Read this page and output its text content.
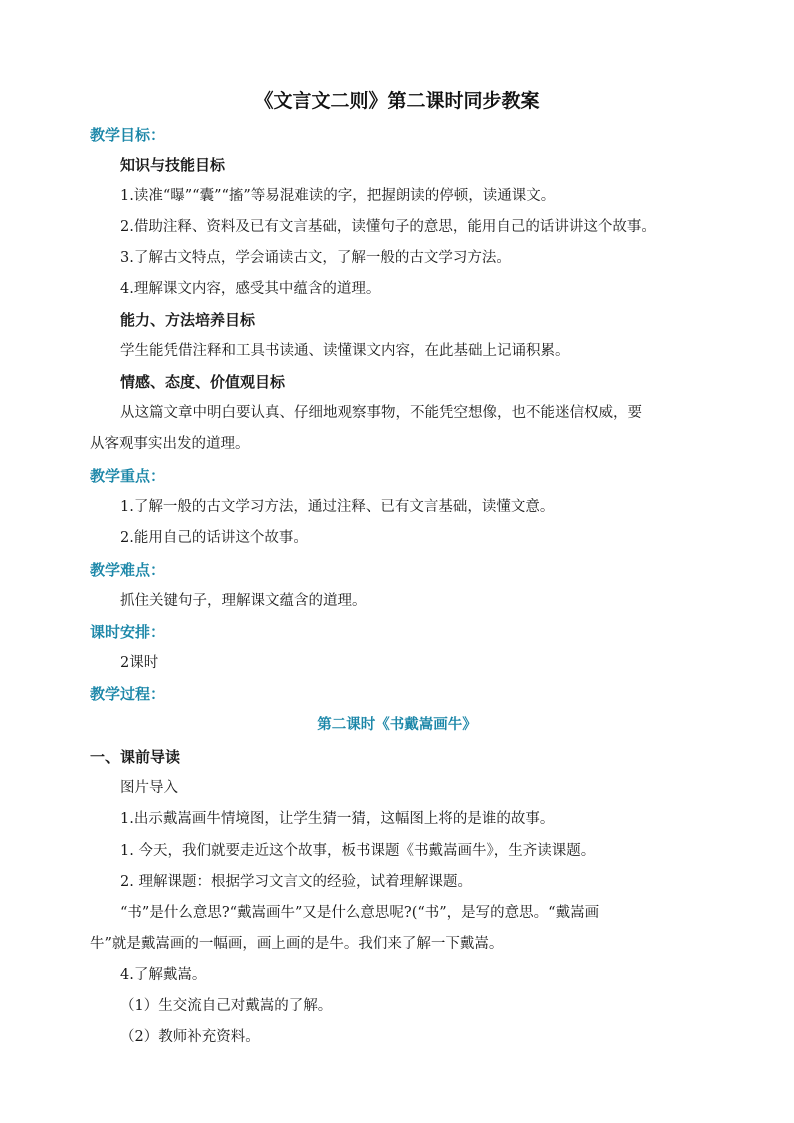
《文言文二则》第二课时同步教案
教学目标：
知识与技能目标
1.读准“曝”“囊”“搐”等易混难读的字，把握朗读的停顿，读通课文。
2.借助注释、资料及已有文言基础，读懂句子的意思，能用自己的话讲讲这个故事。
3.了解古文特点，学会诵读古文，了解一般的古文学习方法。
4.理解课文内容，感受其中蕴含的道理。
能力、方法培养目标
学生能凭借注释和工具书读通、读懂课文内容，在此基础上记诵积累。
情感、态度、价值观目标
从这篇文章中明白要认真、仔细地观察事物，不能凭空想像，也不能迷信权威，要
从客观事实出发的道理。
教学重点：
1.了解一般的古文学习方法，通过注释、已有文言基础，读懂文意。
2.能用自己的话讲这个故事。
教学难点：
抓住关键句子，理解课文蕴含的道理。
课时安排：
2课时
教学过程：
第二课时《书戴嵩画牛》
一、课前导读
图片导入
1.出示戴嵩画牛情境图，让学生猜一猜，这幅图上将的是谁的故事。
1. 今天，我们就要走近这个故事，板书课题《书戴嵩画牛》，生齐读课题。
2. 理解课题：根据学习文言文的经验，试着理解课题。
“书”是什么意思?“戴嵩画牛”又是什么意思呢?(“书”，是写的意思。“戴嵩画
牛”就是戴嵩画的一幅画，画上画的是牛。我们来了解一下戴嵩。
4.了解戴嵩。
（1）生交流自己对戴嵩的了解。
（2）教师补充资料。
